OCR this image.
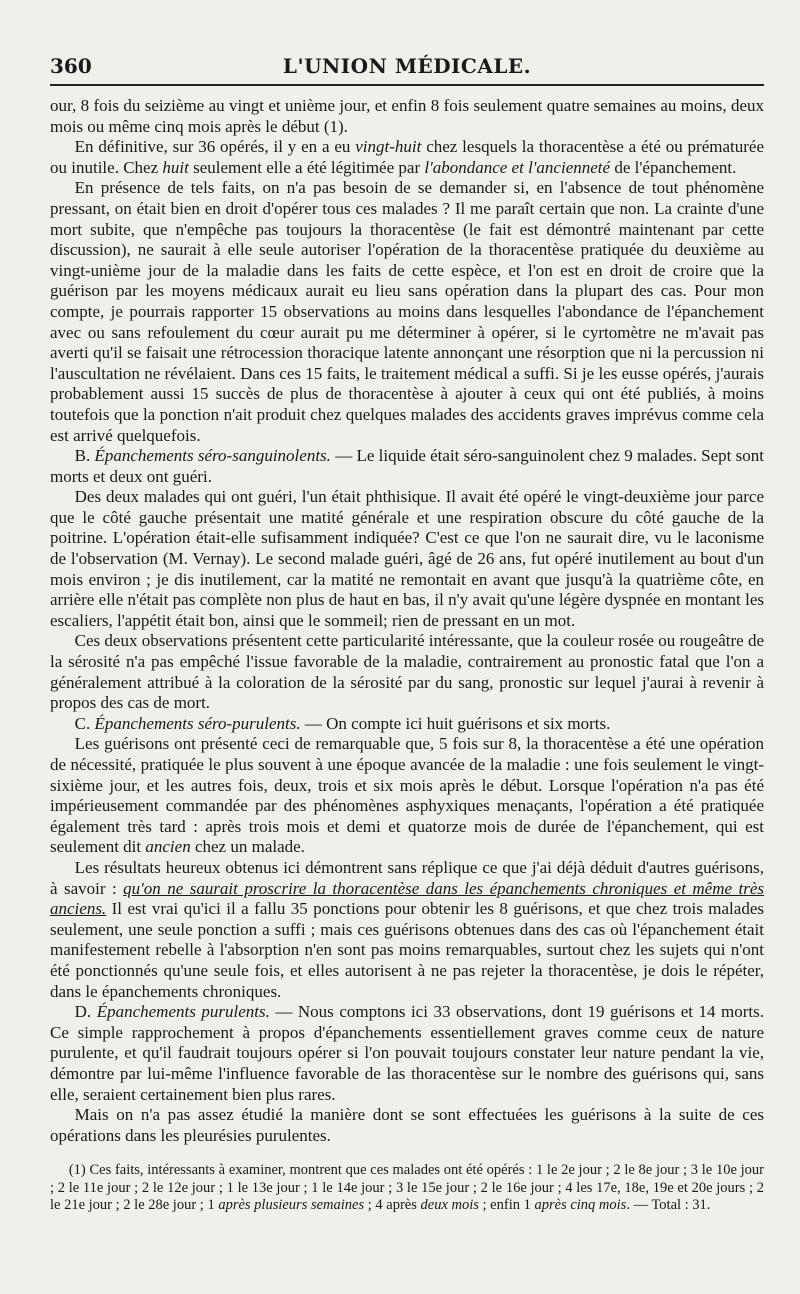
360	L'UNION MÉDICALE.

our, 8 fois du seizième au vingt et unième jour, et enfin 8 fois seulement quatre semaines au moins, deux mois ou même cinq mois après le début (1).

En définitive, sur 36 opérés, il y en a eu vingt-huit chez lesquels la thoracentèse a été ou prématurée ou inutile. Chez huit seulement elle a été légitimée par l'abondance et l'ancienneté de l'épanchement.

En présence de tels faits, on n'a pas besoin de se demander si, en l'absence de tout phénomène pressant, on était bien en droit d'opérer tous ces malades ? Il me paraît certain que non. La crainte d'une mort subite, que n'empêche pas toujours la thoracentèse (le fait est démontré maintenant par cette discussion), ne saurait à elle seule autoriser l'opération de la thoracentèse pratiquée du deuxième au vingt-unième jour de la maladie dans les faits de cette espèce, et l'on est en droit de croire que la guérison par les moyens médicaux aurait eu lieu sans opération dans la plupart des cas. Pour mon compte, je pourrais rapporter 15 observations au moins dans lesquelles l'abondance de l'épanchement avec ou sans refoulement du cœur aurait pu me déterminer à opérer, si le cyrtomètre ne m'avait pas averti qu'il se faisait une rétrocession thoracique latente annonçant une résorption que ni la percussion ni l'auscultation ne révélaient. Dans ces 15 faits, le traitement médical a suffi. Si je les eusse opérés, j'aurais probablement aussi 15 succès de plus de thoracentèse à ajouter à ceux qui ont été publiés, à moins toutefois que la ponction n'ait produit chez quelques malades des accidents graves imprévus comme cela est arrivé quelquefois.

B. Épanchements séro-sanguinolents. — Le liquide était séro-sanguinolent chez 9 malades. Sept sont morts et deux ont guéri.

Des deux malades qui ont guéri, l'un était phthisique. Il avait été opéré le vingt-deuxième jour parce que le côté gauche présentait une matité générale et une respiration obscure du côté gauche de la poitrine. L'opération était-elle sufisamment indiquée? C'est ce que l'on ne saurait dire, vu le laconisme de l'observation (M. Vernay). Le second malade guéri, âgé de 26 ans, fut opéré inutilement au bout d'un mois environ ; je dis inutilement, car la matité ne remontait en avant que jusqu'à la quatrième côte, en arrière elle n'était pas complète non plus de haut en bas, il n'y avait qu'une légère dyspnée en montant les escaliers, l'appétit était bon, ainsi que le sommeil; rien de pressant en un mot.

Ces deux observations présentent cette particularité intéressante, que la couleur rosée ou rougeâtre de la sérosité n'a pas empêché l'issue favorable de la maladie, contrairement au pronostic fatal que l'on a généralement attribué à la coloration de la sérosité par du sang, pronostic sur lequel j'aurai à revenir à propos des cas de mort.

C. Épanchements séro-purulents. — On compte ici huit guérisons et six morts.

Les guérisons ont présenté ceci de remarquable que, 5 fois sur 8, la thoracentèse a été une opération de nécessité, pratiquée le plus souvent à une époque avancée de la maladie : une fois seulement le vingt-sixième jour, et les autres fois, deux, trois et six mois après le début. Lorsque l'opération n'a pas été impérieusement commandée par des phénomènes asphyxiques menaçants, l'opération a été pratiquée également très tard : après trois mois et demi et quatorze mois de durée de l'épanchement, qui est seulement dit ancien chez un malade.

Les résultats heureux obtenus ici démontrent sans réplique ce que j'ai déjà déduit d'autres guérisons, à savoir : qu'on ne saurait proscrire la thoracentèse dans les épanchements chroniques et même très anciens. Il est vrai qu'ici il a fallu 35 ponctions pour obtenir les 8 guérisons, et que chez trois malades seulement, une seule ponction a suffi ; mais ces guérisons obtenues dans des cas où l'épanchement était manifestement rebelle à l'absorption n'en sont pas moins remarquables, surtout chez les sujets qui n'ont été ponctionnés qu'une seule fois, et elles autorisent à ne pas rejeter la thoracentèse, je dois le répéter, dans le épanchements chroniques.

D. Épanchements purulents. — Nous comptons ici 33 observations, dont 19 guérisons et 14 morts. Ce simple rapprochement à propos d'épanchements essentiellement graves comme ceux de nature purulente, et qu'il faudrait toujours opérer si l'on pouvait toujours constater leur nature pendant la vie, démontre par lui-même l'influence favorable de las thoracentèse sur le nombre des guérisons qui, sans elle, seraient certainement bien plus rares.

Mais on n'a pas assez étudié la manière dont se sont effectuées les guérisons à la suite de ces opérations dans les pleurésies purulentes.

(1) Ces faits, intéressants à examiner, montrent que ces malades ont été opérés : 1 le 2e jour ; 2 le 8e jour ; 3 le 10e jour ; 2 le 11e jour ; 2 le 12e jour ; 1 le 13e jour ; 1 le 14e jour ; 3 le 15e jour ; 2 le 16e jour ; 4 les 17e, 18e, 19e et 20e jours ; 2 le 21e jour ; 2 le 28e jour ; 1 après plusieurs semaines ; 4 après deux mois ; enfin 1 après cinq mois. — Total : 31.
